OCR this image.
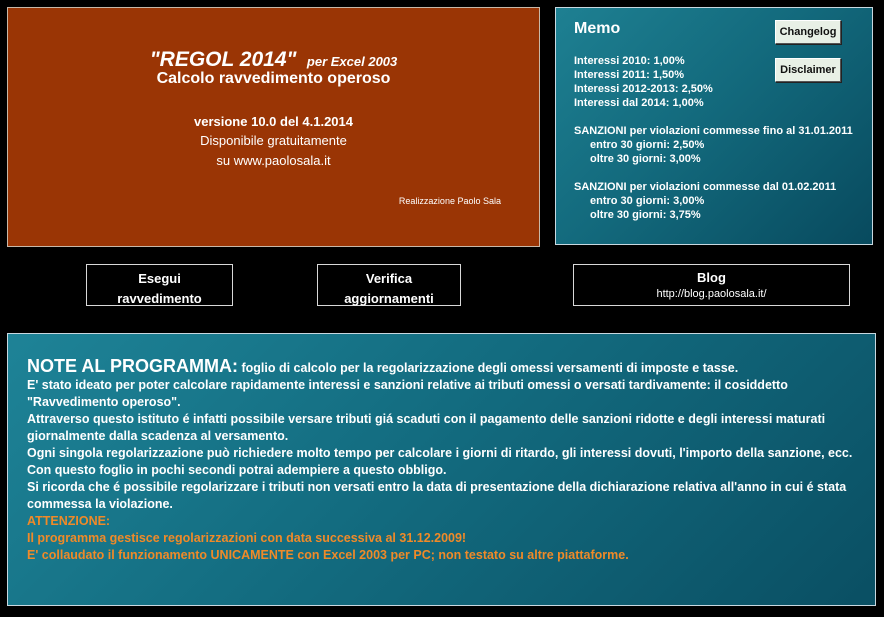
"REGOL 2014" per Excel 2003
Calcolo ravvedimento operoso
versione 10.0 del 4.1.2014
Disponibile gratuitamente
su www.paolosala.it
Realizzazione Paolo Sala
Memo	Changelog
Disclaimer
Interessi 2010: 1,00%
Interessi 2011: 1,50%
Interessi 2012-2013: 2,50%
Interessi dal 2014: 1,00%
SANZIONI per violazioni commesse fino al 31.01.2011
entro 30 giorni: 2,50%
oltre 30 giorni: 3,00%
SANZIONI per violazioni commesse dal 01.02.2011
entro 30 giorni: 3,00%
oltre 30 giorni: 3,75%
Esegui
ravvedimento
Verifica
aggiornamenti
Blog
http://blog.paolosala.it/
NOTE AL PROGRAMMA: foglio di calcolo per la regolarizzazione degli omessi versamenti di imposte e tasse.
E' stato ideato per poter calcolare rapidamente interessi e sanzioni relative ai tributi omessi o versati tardivamente: il cosiddetto "Ravvedimento operoso".
Attraverso questo istituto é infatti possibile versare tributi giá scaduti con il pagamento delle sanzioni ridotte e degli interessi maturati giornalmente dalla scadenza al versamento.
Ogni singola regolarizzazione può richiedere molto tempo per calcolare i giorni di ritardo, gli interessi dovuti, l'importo della sanzione, ecc.
Con questo foglio in pochi secondi potrai adempiere a questo obbligo.
Si ricorda che é possibile regolarizzare i tributi non versati entro la data di presentazione della dichiarazione relativa all'anno in cui é stata commessa la violazione.
ATTENZIONE:
Il programma gestisce regolarizzazioni con data successiva al 31.12.2009!
E' collaudato il funzionamento UNICAMENTE con Excel 2003 per PC; non testato su altre piattaforme.
